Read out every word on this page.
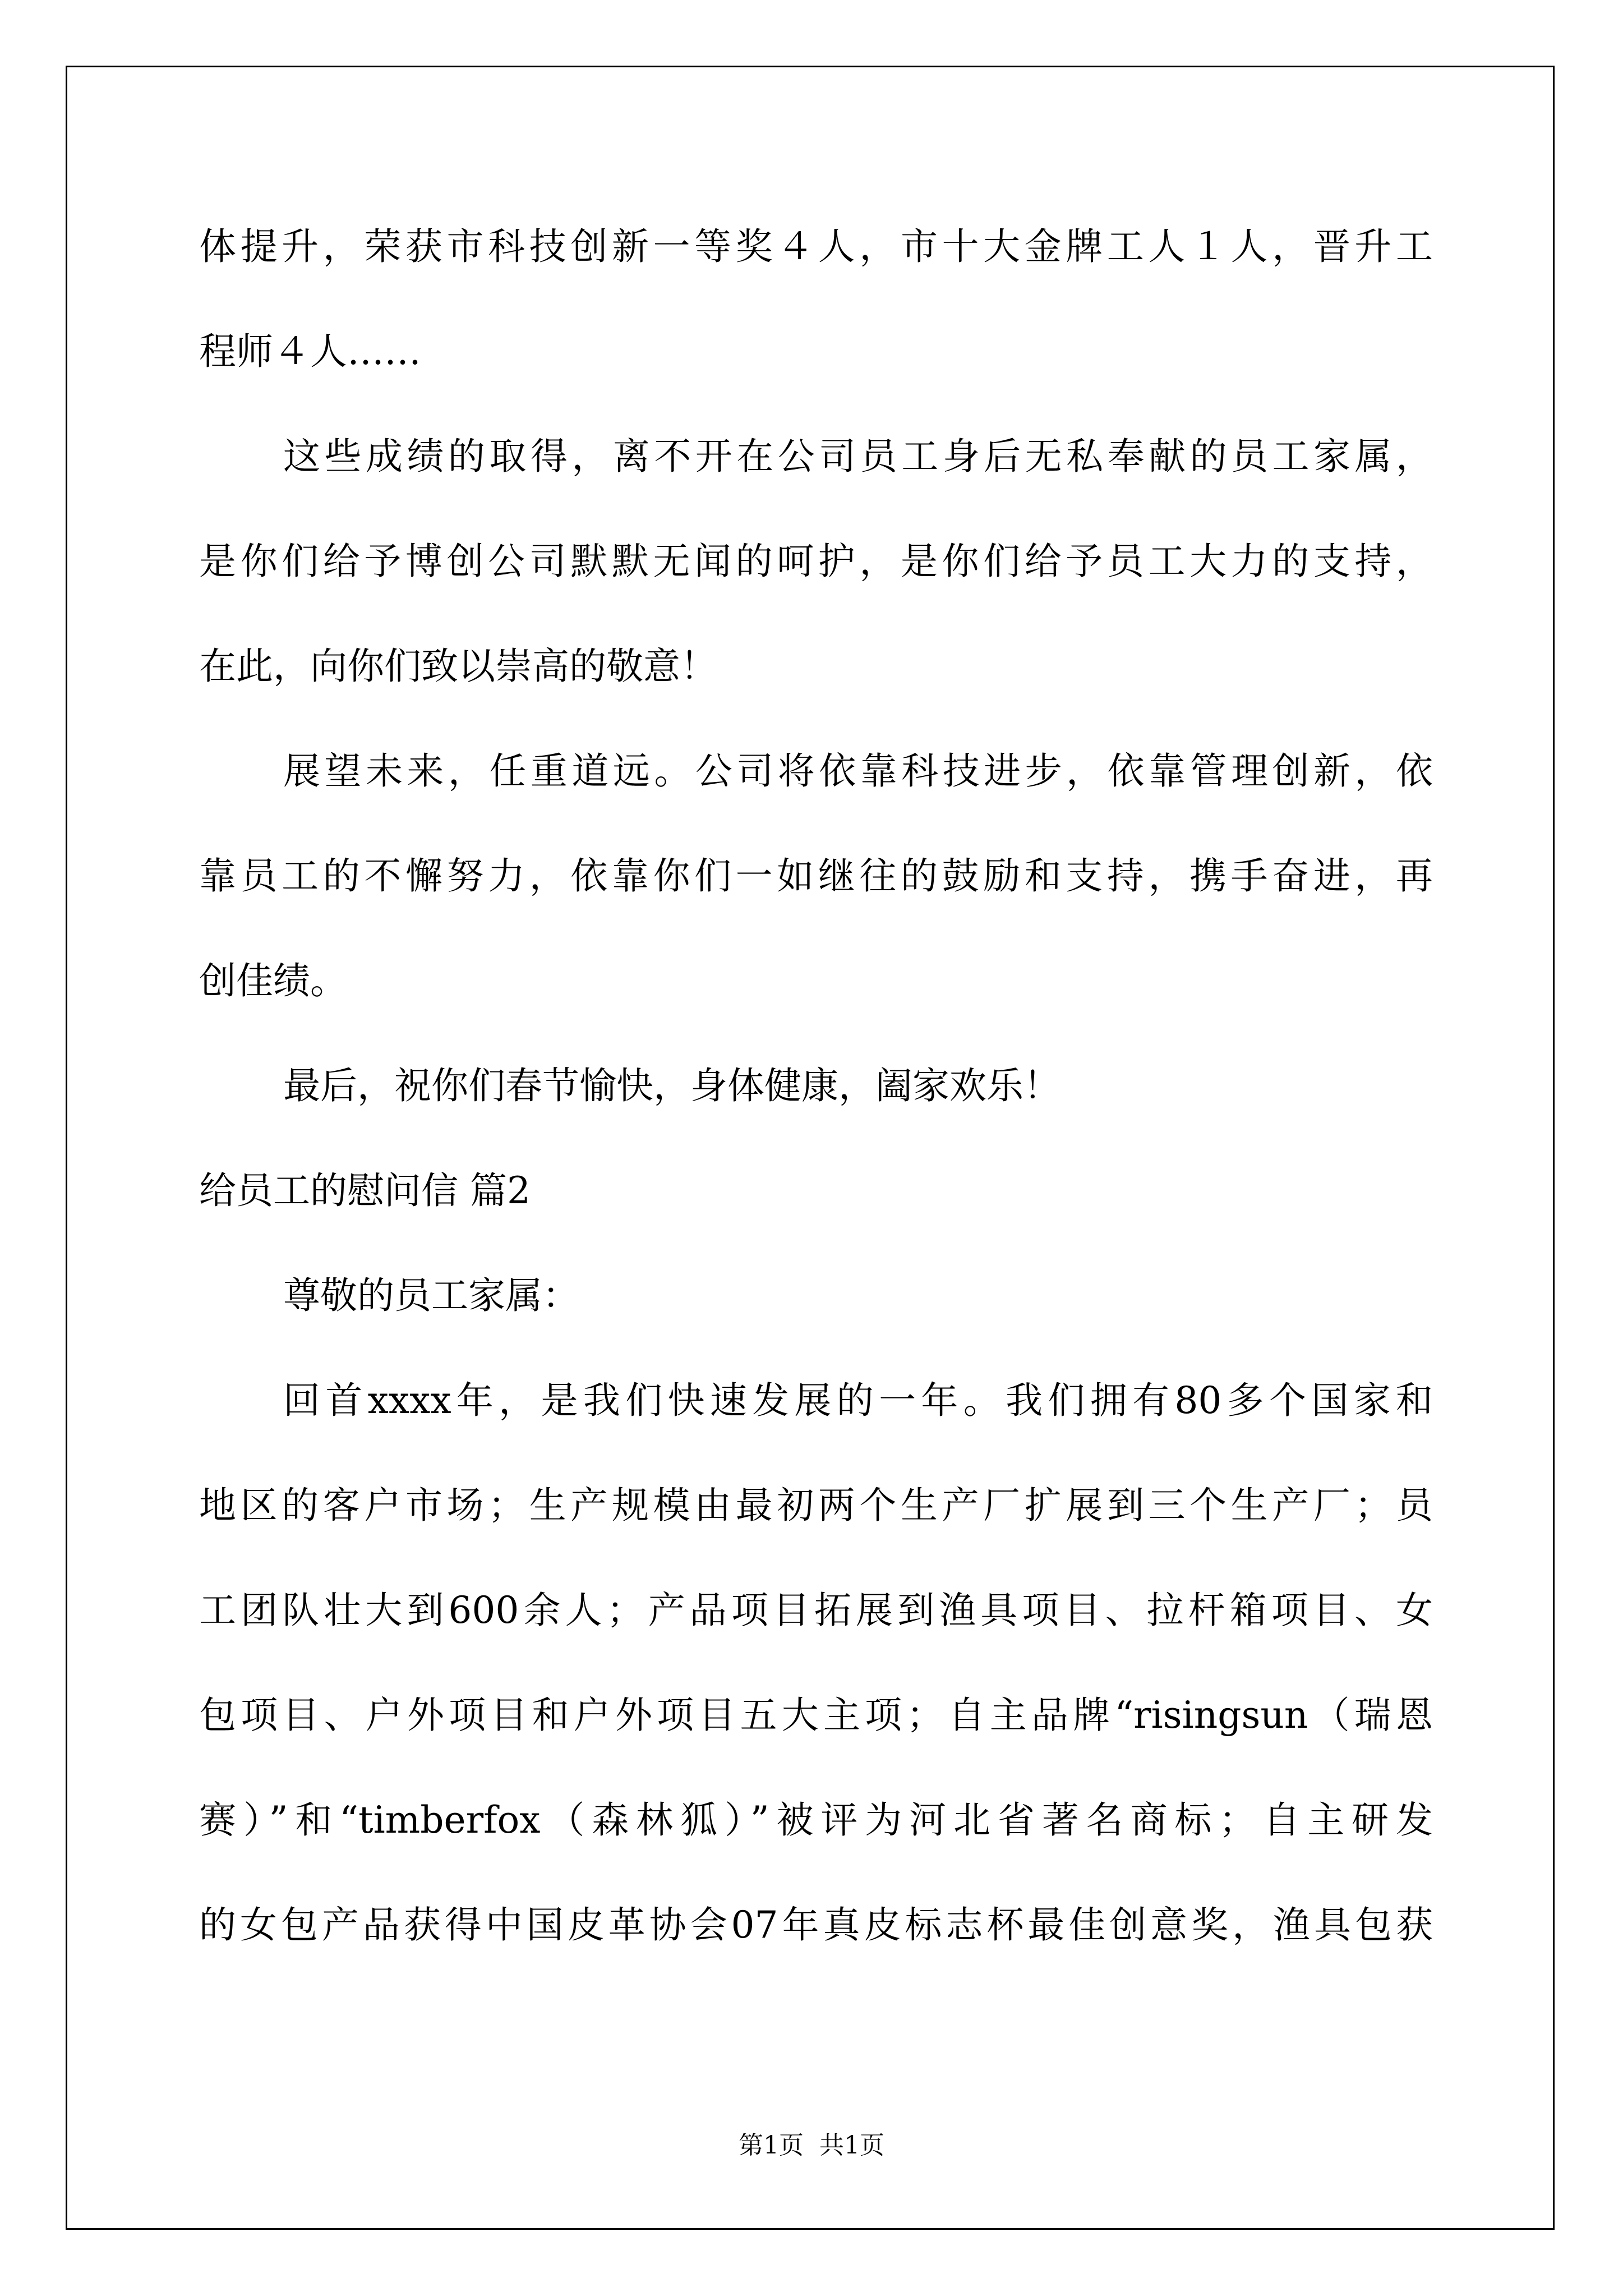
体提升，荣获市科技创新一等奖４人，市十大金牌工人１人，晋升工
程师４人……
这些成绩的取得，离不开在公司员工身后无私奉献的员工家属，
是你们给予博创公司默默无闻的呵护，是你们给予员工大力的支持，
在此，向你们致以崇高的敬意！
展望未来，任重道远。公司将依靠科技进步，依靠管理创新，依
靠员工的不懈努力，依靠你们一如继往的鼓励和支持，携手奋进，再
创佳绩。
最后，祝你们春节愉快，身体健康，阖家欢乐！
给员工的慰问信 篇2
尊敬的员工家属：
回首xxxx年，是我们快速发展的一年。我们拥有80多个国家和
地区的客户市场；生产规模由最初两个生产厂扩展到三个生产厂；员
工团队壮大到600余人；产品项目拓展到渔具项目、拉杆箱项目、女
包项目、户外项目和户外项目五大主项；自主品牌“risingsun（瑞恩
赛）”和“timberfox（森林狐）”被评为河北省著名商标；自主研发
的女包产品获得中国皮革协会07年真皮标志杯最佳创意奖，渔具包获
第1页  共1页
